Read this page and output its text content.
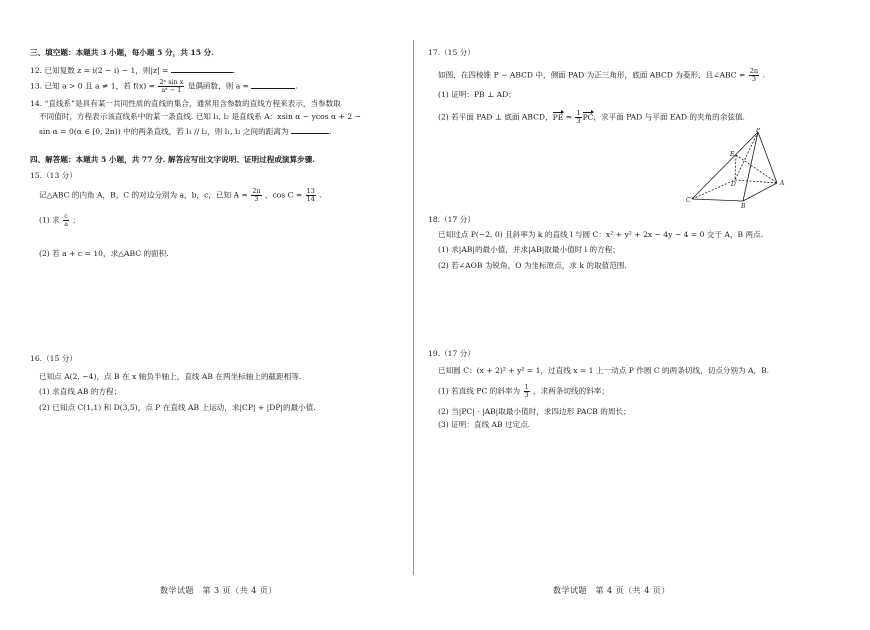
三、填空题：本题共 3 小题，每小题 5 分，共 15 分.
12. 已知复数 z = i(2 − i) − 1，则|z| =	.
13. 已知 a > 0 且 a ≠ 1，若 $f(x) = \frac{\text{2ˣ sin x}}{\text{aˣ − 1}}$ 是偶函数，则 a =	.
14. “直线系”是具有某一共同性质的直线的集合，通常用含参数的直线方程来表示，当参数取
不同值时，方程表示该直线系中的某一条直线. 已知 l₁, l₂ 是直线系 A：xsin α − ycos α + 2 −
sin α = 0(α ∈ [0, 2π)) 中的两条直线，若 l₁ // l₂，则 l₁, l₂ 之间的距离为	.
四、解答题：本题共 5 小题，共 77 分. 解答应写出文字说明、证明过程或演算步骤.
15.（13 分）
记△ABC 的内角 A，B，C 的对边分别为 a，b，c，已知 $A = \frac{2\pi}{3}$ ，$\cos C = \frac{13}{14}$ .
(1) 求 $\frac{c}{a}$ ；
(2) 若 a + c = 10，求△ABC 的面积.
16.（15 分）
已知点 A(2, −4)，点 B 在 x 轴负半轴上，直线 AB 在两坐标轴上的截距相等.
(1) 求直线 AB 的方程；
(2) 已知点 C(1,1) 和 D(3,5)，点 P 在直线 AB 上运动，求|CP| + |DP|的最小值.
数学试题　第 3 页（共 4 页）
17.（15 分）
如图，在四棱锥 P − ABCD 中，侧面 PAD 为正三角形，底面 ABCD 为菱形，且∠ABC = $\frac{2\pi}{3}$ .
(1) 证明：PB ⊥ AD；
(2) 若平面 PAD ⊥ 底面 ABCD，PE = $\frac{1}{3}$ PC，求平面 PAD 与平面 EAD 的夹角的余弦值.
P
E
D	A
C
B
18.（17 分）
已知过点 P(−2, 0) 且斜率为 k 的直线 l 与圆 C：x² + y² + 2x − 4y − 4 = 0 交于 A，B 两点.
(1) 求|AB|的最小值，并求|AB|取最小值时 l 的方程；
(2) 若∠AOB 为锐角，O 为坐标原点，求 k 的取值范围.
19.（17 分）
已知圆 C：(x + 2)² + y² = 1，过直线 x = 1 上一动点 P 作圆 C 的两条切线，切点分别为 A，B.
(1) 若直线 PC 的斜率为 $\frac{1}{3}$ ，求两条切线的斜率；
(2) 当|PC| · |AB|取最小值时，求四边形 PACB 的周长；
(3) 证明：直线 AB 过定点.
数学试题　第 4 页（共 4 页）
